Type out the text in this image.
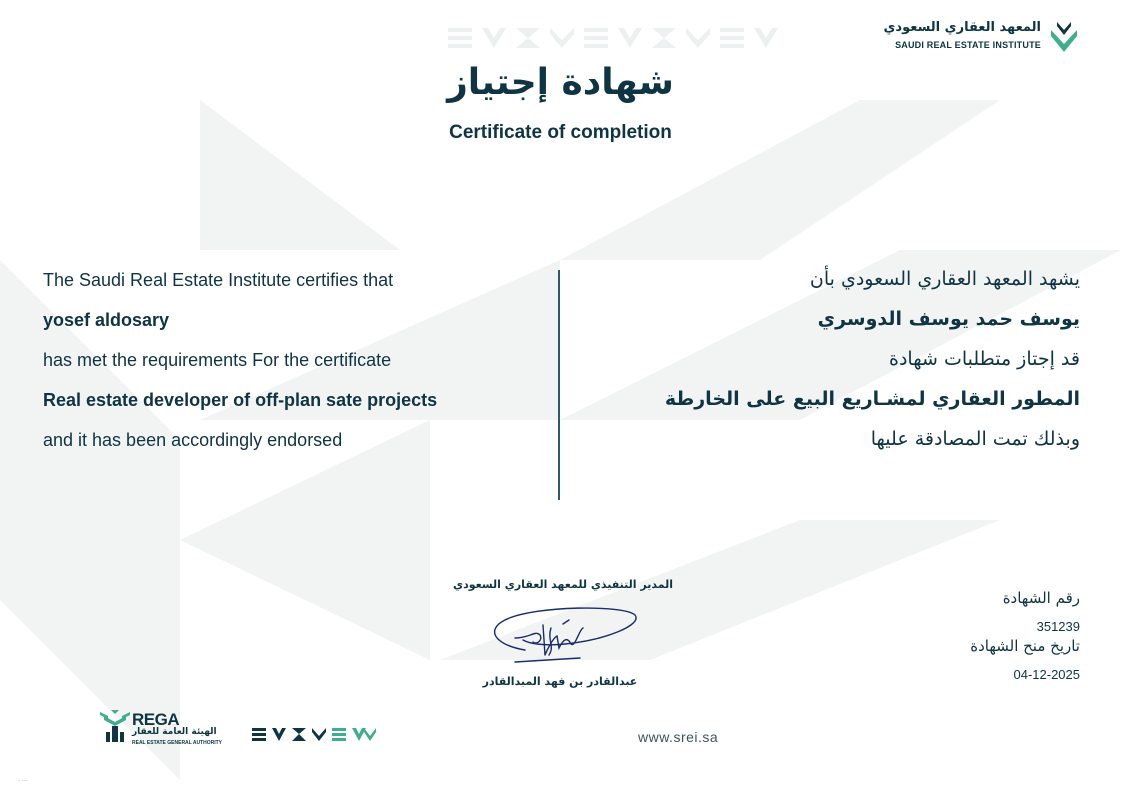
المعهد العقاري السعودي
SAUDI REAL ESTATE INSTITUTE
شهادة إجتياز
Certificate of completion
The Saudi Real Estate Institute certifies that
yosef aldosary
has met the requirements For the certificate
Real estate developer of off-plan sate projects
and it has been accordingly endorsed
يشهد المعهد العقاري السعودي بأن
يوسف حمد يوسف الدوسري
قد إجتاز متطلبات شهادة
المطور العقاري لمشـاريع البيع على الخارطة
وبذلك تمت المصادقة عليها
المدير التنفيذي للمعهد العقاري السعودي
عبدالقادر بن فهد المبدالقادر
رقم الشهادة
351239
تاريخ منح الشهادة
04-12-2025
REGA
الهيئة العامة للعقار
REAL ESTATE GENERAL AUTHORITY	www.srei.sa
. ...
